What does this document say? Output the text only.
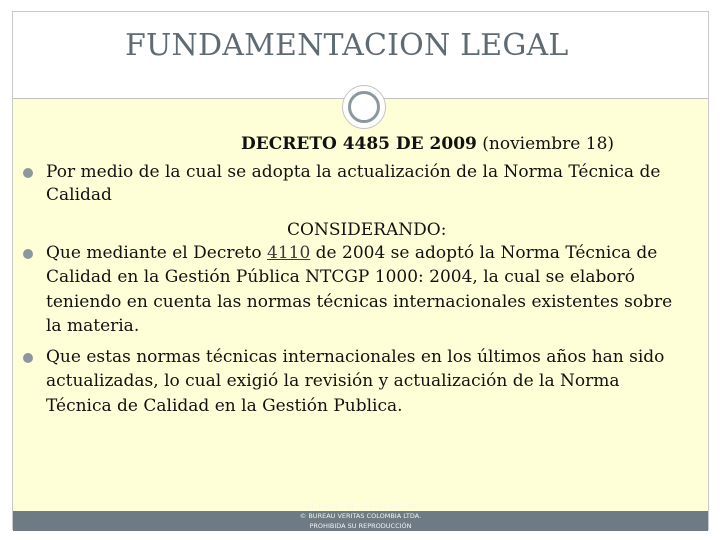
FUNDAMENTACION LEGAL
I&F/TRG/Q – 04 - Rev 09 / Ene - 09
© BUREAU VERITAS COLOMBIA LTDA.
PROHIBIDA SU REPRODUCCIÓN
DECRETO 4485 DE 2009 (noviembre 18)
Por medio de la cual se adopta la actualización de la Norma Técnica de
Calidad
CONSIDERANDO:
Que mediante el Decreto 4110 de 2004 se adoptó la Norma Técnica de
Calidad en la Gestión Pública NTCGP 1000: 2004, la cual se elaboró
teniendo en cuenta las normas técnicas internacionales existentes sobre
la materia.
Que estas normas técnicas internacionales en los últimos años han sido
actualizadas, lo cual exigió la revisión y actualización de la Norma
Técnica de Calidad en la Gestión Publica.
